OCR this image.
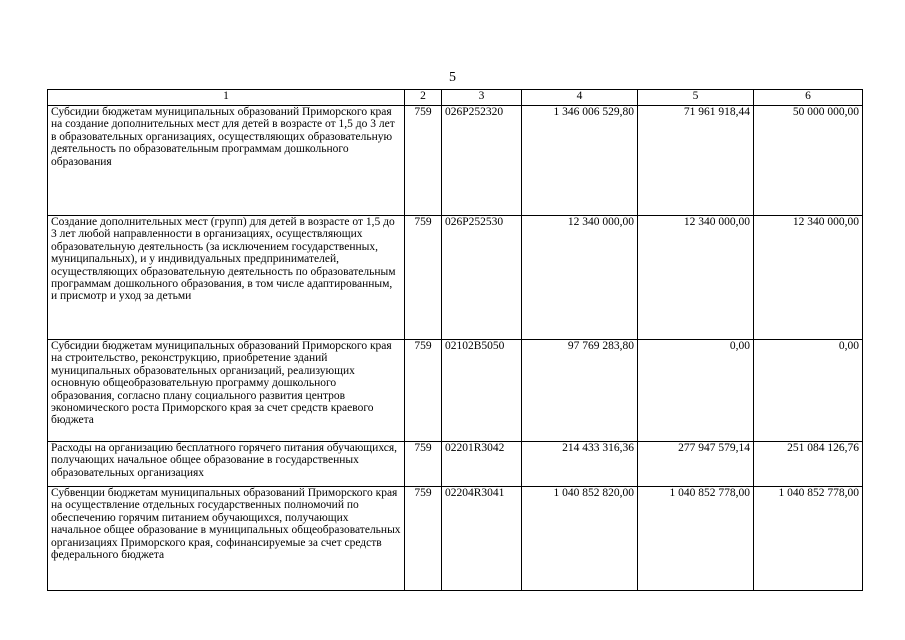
5
1	2	3	4	5	6
Субсидии бюджетам муниципальных образований Приморского края на создание дополнительных мест для детей в возрасте от 1,5 до 3 лет в образовательных организациях, осуществляющих образовательную деятельность по образовательным программам дошкольного образования	759	026P252320	1 346 006 529,80	71 961 918,44	50 000 000,00
Создание дополнительных мест (групп) для детей в возрасте от 1,5 до 3 лет любой направленности в организациях, осуществляющих образовательную деятельность (за исключением государственных, муниципальных), и у индивидуальных предпринимателей, осуществляющих образовательную деятельность по образовательным программам дошкольного образования, в том числе адаптированным, и присмотр и уход за детьми	759	026P252530	12 340 000,00	12 340 000,00	12 340 000,00
Субсидии бюджетам муниципальных образований Приморского края на строительство, реконструкцию, приобретение зданий муниципальных образовательных организаций, реализующих основную общеобразовательную программу дошкольного образования, согласно плану социального развития центров экономического роста Приморского края за счет средств краевого бюджета	759	02102В5050	97 769 283,80	0,00	0,00
Расходы на организацию бесплатного горячего питания обучающихся, получающих начальное общее образование в государственных образовательных организациях	759	02201R3042	214 433 316,36	277 947 579,14	251 084 126,76
Субвенции бюджетам муниципальных образований Приморского края на осуществление отдельных государственных полномочий по обеспечению горячим питанием обучающихся, получающих начальное общее образование в муниципальных общеобразовательных организациях Приморского края, софинансируемые за счет средств федерального бюджета	759	02204R3041	1 040 852 820,00	1 040 852 778,00	1 040 852 778,00
